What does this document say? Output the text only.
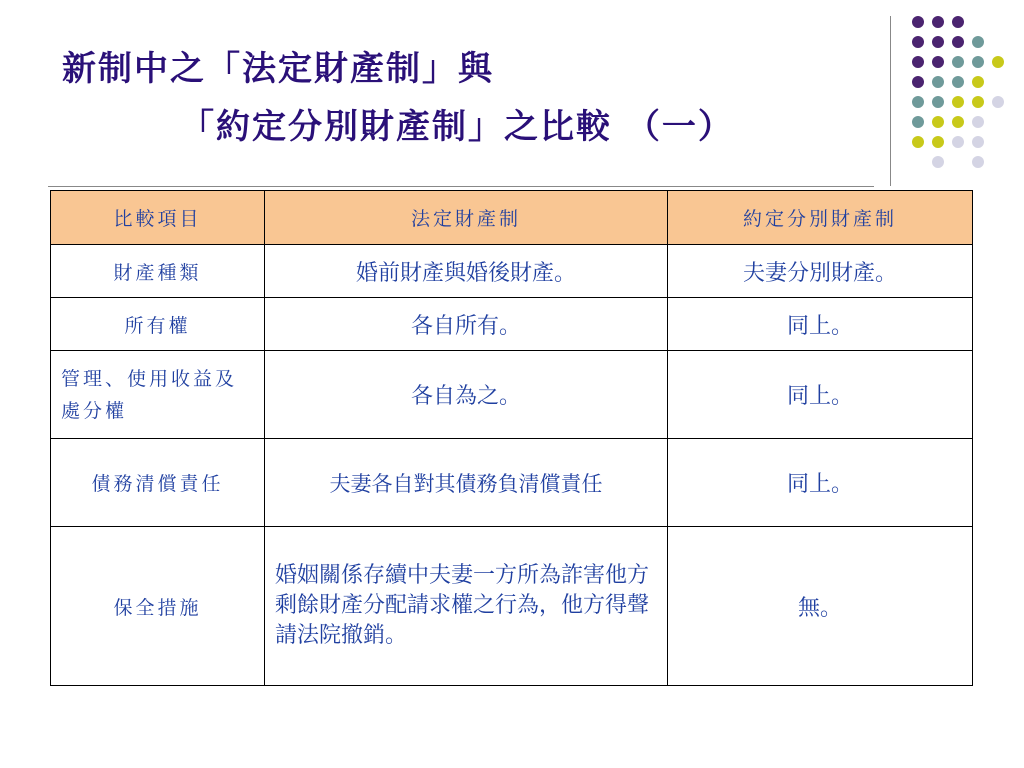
新制中之「法定財產制」與
「約定分別財產制」之比較 （一）
比較項目	法定財產制	約定分別財產制
財產種類	婚前財產與婚後財產。	夫妻分別財產。
所有權	各自所有。	同上。
管理、使用收益及處分權	各自為之。	同上。
債務清償責任	夫妻各自對其債務負清償責任	同上。
保全措施	婚姻關係存續中夫妻一方所為詐害他方剩餘財產分配請求權之行為，他方得聲請法院撤銷。	無。
